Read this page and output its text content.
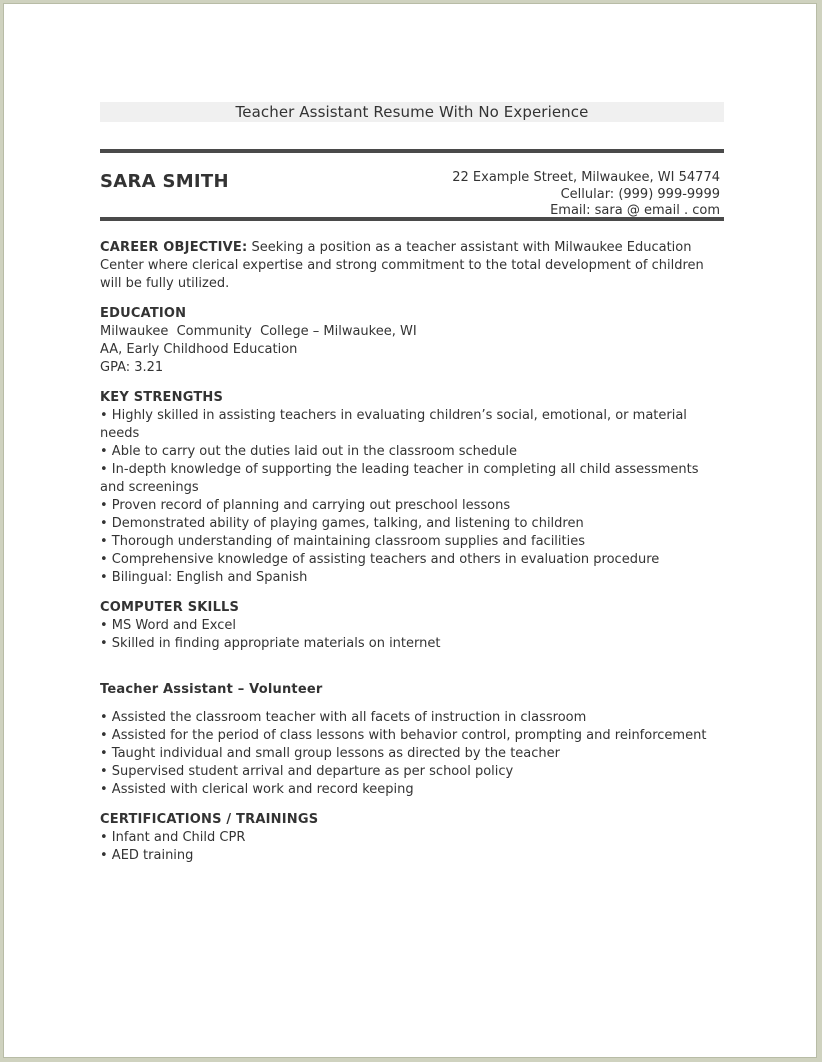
Teacher Assistant Resume With No Experience
SARA SMITH	22 Example Street, Milwaukee, WI 54774
Cellular: (999) 999-9999
Email: sara @ email . com
CAREER OBJECTIVE: Seeking a position as a teacher assistant with Milwaukee Education Center where clerical expertise and strong commitment to the total development of children will be fully utilized.
EDUCATION
Milwaukee  Community  College – Milwaukee, WI
AA, Early Childhood Education
GPA: 3.21
KEY STRENGTHS
• Highly skilled in assisting teachers in evaluating children’s social, emotional, or material needs
• Able to carry out the duties laid out in the classroom schedule
• In-depth knowledge of supporting the leading teacher in completing all child assessments and screenings
• Proven record of planning and carrying out preschool lessons
• Demonstrated ability of playing games, talking, and listening to children
• Thorough understanding of maintaining classroom supplies and facilities
• Comprehensive knowledge of assisting teachers and others in evaluation procedure
• Bilingual: English and Spanish
COMPUTER SKILLS
• MS Word and Excel
• Skilled in finding appropriate materials on internet
Teacher Assistant – Volunteer
• Assisted the classroom teacher with all facets of instruction in classroom
• Assisted for the period of class lessons with behavior control, prompting and reinforcement
• Taught individual and small group lessons as directed by the teacher
• Supervised student arrival and departure as per school policy
• Assisted with clerical work and record keeping
CERTIFICATIONS / TRAININGS
• Infant and Child CPR
• AED training
